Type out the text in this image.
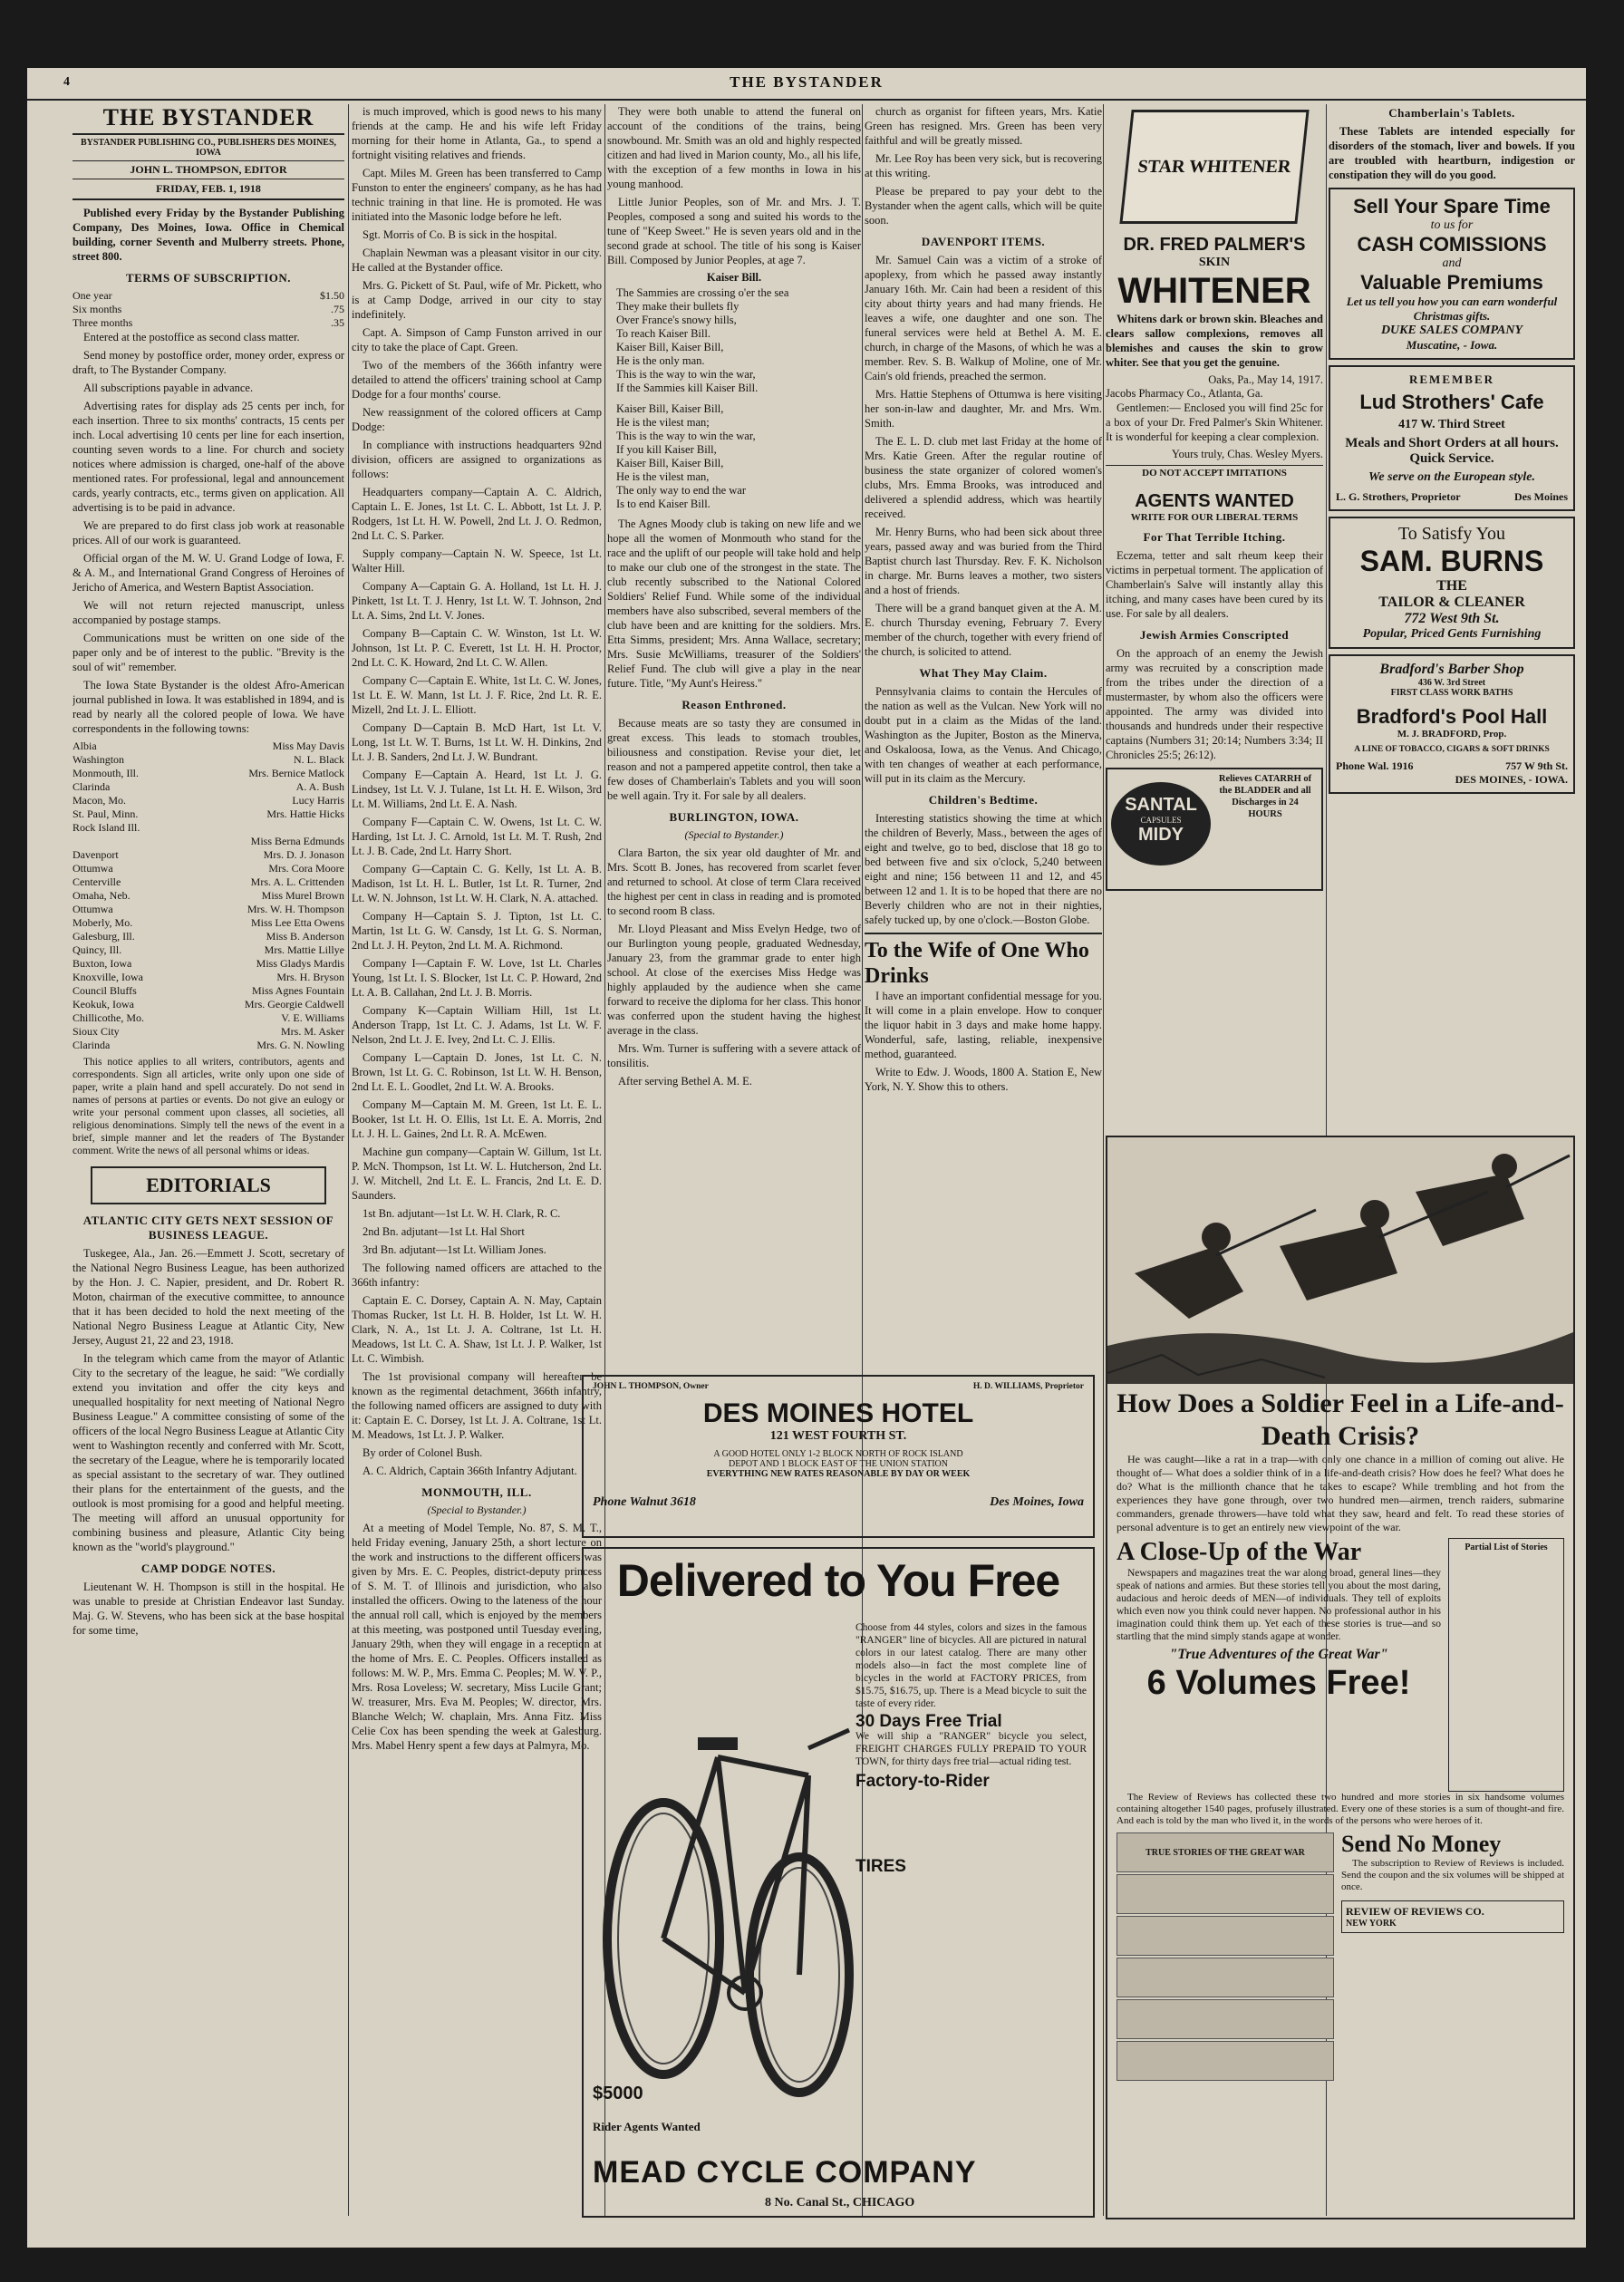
4	THE BYSTANDER
THE BYSTANDER
BYSTANDER PUBLISHING CO., PUBLISHERS DES MOINES, IOWA
JOHN L. THOMPSON, EDITOR
FRIDAY, FEB. 1, 1918

Published every Friday by the Bystander Publishing Company, Des Moines, Iowa. Office in Chemical building, corner Seventh and Mulberry streets. Phone, street 800.

TERMS OF SUBSCRIPTION.
One year	$1.50
Six months	.75
Three months	.35

Entered at the postoffice as second class matter.

Send money by postoffice order, money order, express or draft, to The Bystander Company.

All subscriptions payable in advance.

Advertising rates for display ads 25 cents per inch, for each insertion. Three to six months' contracts, 15 cents per inch. Local advertising 10 cents per line for each insertion, counting seven words to a line. For church and society notices where admission is charged, one-half of the above mentioned rates. For professional, legal and announcement cards, yearly contracts, etc., terms given on application. All advertising is to be paid in advance.

We are prepared to do first class job work at reasonable prices. All of our work is guaranteed.

Official organ of the M. W. U. Grand Lodge of Iowa, F. & A. M., and International Grand Congress of Heroines of Jericho of America, and Western Baptist Association.

We will not return rejected manuscript, unless accompanied by postage stamps.

Communications must be written on one side of the paper only and be of interest to the public. "Brevity is the soul of wit" remember.

The Iowa State Bystander is the oldest Afro-American journal published in Iowa. It was established in 1894, and is read by nearly all the colored people of Iowa. We have correspondents in the following towns:

Albia	Miss May Davis
Washington	N. L. Black
Monmouth, Ill.	Mrs. Bernice Matlock
Clarinda	A. A. Bush
Macon, Mo.	Lucy Harris
St. Paul, Minn.	Mrs. Hattie Hicks
Rock Island Ill.
Miss Berna Edmunds
Davenport	Mrs. D. J. Jonason
Ottumwa	Mrs. Cora Moore
Centerville	Mrs. A. L. Crittenden
Omaha, Neb.	Miss Murel Brown
Ottumwa	Mrs. W. H. Thompson
Moberly, Mo.	Miss Lee Etta Owens
Galesburg, Ill.	Miss B. Anderson
Quincy, Ill.	Mrs. Mattie Lillye
Buxton, Iowa	Miss Gladys Mardis
Knoxville, Iowa	Mrs. H. Bryson
Council Bluffs	Miss Agnes Fountain
Keokuk, Iowa	Mrs. Georgie Caldwell
Chillicothe, Mo.	V. E. Williams
Sioux City	Mrs. M. Asker
Clarinda	Mrs. G. N. Nowling

This notice applies to all writers, contributors, agents and correspondents. Sign all articles, write only upon one side of paper, write a plain hand and spell accurately. Do not send in names of persons at parties or events. Do not give an eulogy or write your personal comment upon classes, all societies, all religious denominations. Simply tell the news of the event in a brief, simple manner and let the readers of The Bystander comment. Write the news of all personal whims or ideas.

EDITORIALS
ATLANTIC CITY GETS NEXT SESSION OF BUSINESS LEAGUE.

Tuskegee, Ala., Jan. 26.—Emmett J. Scott, secretary of the National Negro Business League, has been authorized by the Hon. J. C. Napier, president, and Dr. Robert R. Moton, chairman of the executive committee, to announce that it has been decided to hold the next meeting of the National Negro Business League at Atlantic City, New Jersey, August 21, 22 and 23, 1918.

In the telegram which came from the mayor of Atlantic City to the secretary of the league, he said: "We cordially extend you invitation and offer the city keys and unequalled hospitality for next meeting of National Negro Business League." A committee consisting of some of the officers of the local Negro Business League at Atlantic City went to Washington recently and conferred with Mr. Scott, the secretary of the League, where he is temporarily located as special assistant to the secretary of war. They outlined their plans for the entertainment of the guests, and the outlook is most promising for a good and helpful meeting. The meeting will afford an unusual opportunity for combining business and pleasure, Atlantic City being known as the "world's playground."

CAMP DODGE NOTES.

Lieutenant W. H. Thompson is still in the hospital. He was unable to preside at Christian Endeavor last Sunday. Maj. G. W. Stevens, who has been sick at the base hospital for some time,

is much improved, which is good news to his many friends at the camp. He and his wife left Friday morning for their home in Atlanta, Ga., to spend a fortnight visiting relatives and friends.

Capt. Miles M. Green has been transferred to Camp Funston to enter the engineers' company, as he has had technic training in that line. He is promoted. He was initiated into the Masonic lodge before he left.

Sgt. Morris of Co. B is sick in the hospital.

Chaplain Newman was a pleasant visitor in our city. He called at the Bystander office.

Mrs. G. Pickett of St. Paul, wife of Mr. Pickett, who is at Camp Dodge, arrived in our city to stay indefinitely.

Capt. A. Simpson of Camp Funston arrived in our city to take the place of Capt. Green.

Two of the members of the 366th infantry were detailed to attend the officers' training school at Camp Dodge for a four months' course.

New reassignment of the colored officers at Camp Dodge:

In compliance with instructions headquarters 92nd division, officers are assigned to organizations as follows:

Headquarters company—Captain A. C. Aldrich, Captain L. E. Jones, 1st Lt. C. L. Abbott, 1st Lt. J. P. Rodgers, 1st Lt. H. W. Powell, 2nd Lt. J. O. Redmon, 2nd Lt. C. S. Parker.

Supply company—Captain N. W. Speece, 1st Lt. Walter Hill.

Company A—Captain G. A. Holland, 1st Lt. H. J. Pinkett, 1st Lt. T. J. Henry, 1st Lt. W. T. Johnson, 2nd Lt. A. Sims, 2nd Lt. V. Jones.

Company B—Captain C. W. Winston, 1st Lt. W. Johnson, 1st Lt. P. C. Everett, 1st Lt. H. H. Proctor, 2nd Lt. C. K. Howard, 2nd Lt. C. W. Allen.

Company C—Captain E. White, 1st Lt. C. W. Jones, 1st Lt. E. W. Mann, 1st Lt. J. F. Rice, 2nd Lt. R. E. Mizell, 2nd Lt. J. L. Elliott.

Company D—Captain B. McD Hart, 1st Lt. V. Long, 1st Lt. W. T. Burns, 1st Lt. W. H. Dinkins, 2nd Lt. J. B. Sanders, 2nd Lt. J. W. Bundrant.

Company E—Captain A. Heard, 1st Lt. J. G. Lindsey, 1st Lt. V. J. Tulane, 1st Lt. H. E. Wilson, 3rd Lt. M. Williams, 2nd Lt. E. A. Nash.

Company F—Captain C. W. Owens, 1st Lt. C. W. Harding, 1st Lt. J. C. Arnold, 1st Lt. M. T. Rush, 2nd Lt. J. B. Cade, 2nd Lt. Harry Short.

Company G—Captain C. G. Kelly, 1st Lt. A. B. Madison, 1st Lt. H. L. Butler, 1st Lt. R. Turner, 2nd Lt. W. N. Johnson, 1st Lt. W. H. Clark, N. A. attached.

Company H—Captain S. J. Tipton, 1st Lt. C. Martin, 1st Lt. G. W. Cansdy, 1st Lt. G. S. Norman, 2nd Lt. J. H. Peyton, 2nd Lt. M. A. Richmond.

Company I—Captain F. W. Love, 1st Lt. Charles Young, 1st Lt. I. S. Blocker, 1st Lt. C. P. Howard, 2nd Lt. A. B. Callahan, 2nd Lt. J. B. Morris.

Company K—Captain William Hill, 1st Lt. Anderson Trapp, 1st Lt. C. J. Adams, 1st Lt. W. F. Nelson, 2nd Lt. J. E. Ivey, 2nd Lt. C. J. Ellis.

Company L—Captain D. Jones, 1st Lt. C. N. Brown, 1st Lt. G. C. Robinson, 1st Lt. W. H. Benson, 2nd Lt. E. L. Goodlet, 2nd Lt. W. A. Brooks.

Company M—Captain M. M. Green, 1st Lt. E. L. Booker, 1st Lt. H. O. Ellis, 1st Lt. E. A. Morris, 2nd Lt. J. H. L. Gaines, 2nd Lt. R. A. McEwen.

Machine gun company—Captain W. Gillum, 1st Lt. P. McN. Thompson, 1st Lt. W. L. Hutcherson, 2nd Lt. J. W. Mitchell, 2nd Lt. E. L. Francis, 2nd Lt. E. D. Saunders.

1st Bn. adjutant—1st Lt. W. H. Clark, R. C.

2nd Bn. adjutant—1st Lt. Hal Short

3rd Bn. adjutant—1st Lt. William Jones.

The following named officers are attached to the 366th infantry:

Captain E. C. Dorsey, Captain A. N. May, Captain Thomas Rucker, 1st Lt. H. B. Holder, 1st Lt. W. H. Clark, N. A., 1st Lt. J. A. Coltrane, 1st Lt. H. Meadows, 1st Lt. C. A. Shaw, 1st Lt. J. P. Walker, 1st Lt. C. Wimbish.

The 1st provisional company will hereafter be known as the regimental detachment, 366th infantry, the following named officers are assigned to duty with it: Captain E. C. Dorsey, 1st Lt. J. A. Coltrane, 1st Lt. M. Meadows, 1st Lt. J. P. Walker.

By order of Colonel Bush.

A. C. Aldrich, Captain 366th Infantry Adjutant.

MONMOUTH, ILL.
(Special to Bystander.)

At a meeting of Model Temple, No. 87, S. M. T., held Friday evening, January 25th, a short lecture on the work and instructions to the different officers was given by Mrs. E. C. Peoples, district-deputy princess of S. M. T. of Illinois and jurisdiction, who also installed the officers. Owing to the lateness of the hour the annual roll call, which is enjoyed by the members at this meeting, was postponed until Tuesday evening, January 29th, when they will engage in a reception at the home of Mrs. E. C. Peoples. Officers installed as follows: M. W. P., Mrs. Emma C. Peoples; M. W. V. P., Mrs. Rosa Loveless; W. secretary, Miss Lucile Grant; W. treasurer, Mrs. Eva M. Peoples; W. director, Mrs. Blanche Welch; W. chaplain, Mrs. Anna Fitz. Miss Celie Cox has been spending the week at Galesburg. Mrs. Mabel Henry spent a few days at Palmyra, Mo.

They were both unable to attend the funeral on account of the conditions of the trains, being snowbound. Mr. Smith was an old and highly respected citizen and had lived in Marion county, Mo., all his life, with the exception of a few months in Iowa in his young manhood.

Little Junior Peoples, son of Mr. and Mrs. J. T. Peoples, composed a song and suited his words to the tune of "Keep Sweet." He is seven years old and in the second grade at school. The title of his song is Kaiser Bill. Composed by Junior Peoples, at age 7.

Kaiser Bill.
The Sammies are crossing o'er the sea
They make their bullets fly
Over France's snowy hills,
To reach Kaiser Bill.
Kaiser Bill, Kaiser Bill,
He is the only man.
This is the way to win the war,
If the Sammies kill Kaiser Bill.
Kaiser Bill, Kaiser Bill,
He is the vilest man;
This is the way to win the war,
If you kill Kaiser Bill,
Kaiser Bill, Kaiser Bill,
He is the vilest man,
The only way to end the war
Is to end Kaiser Bill.

The Agnes Moody club is taking on new life and we hope all the women of Monmouth who stand for the race and the uplift of our people will take hold and help to make our club one of the strongest in the state. The club recently subscribed to the National Colored Soldiers' Relief Fund. While some of the individual members have also subscribed, several members of the club have been and are knitting for the soldiers. Mrs. Etta Simms, president; Mrs. Anna Wallace, secretary; Mrs. Susie McWilliams, treasurer of the Soldiers' Relief Fund. The club will give a play in the near future. Title, "My Aunt's Heiress."

Reason Enthroned.

Because meats are so tasty they are consumed in great excess. This leads to stomach troubles, biliousness and constipation. Revise your diet, let reason and not a pampered appetite control, then take a few doses of Chamberlain's Tablets and you will soon be well again. Try it. For sale by all dealers.

BURLINGTON, IOWA.
(Special to Bystander.)

Clara Barton, the six year old daughter of Mr. and Mrs. Scott B. Jones, has recovered from scarlet fever and returned to school. At close of term Clara received the highest per cent in class in reading and is promoted to second room B class.

Mr. Lloyd Pleasant and Miss Evelyn Hedge, two of our Burlington young people, graduated Wednesday, January 23, from the grammar grade to enter high school. At close of the exercises Miss Hedge was highly applauded by the audience when she came forward to receive the diploma for her class. This honor was conferred upon the student having the highest average in the class.

Mrs. Wm. Turner is suffering with a severe attack of tonsilitis.

After serving Bethel A. M. E.

church as organist for fifteen years, Mrs. Katie Green has resigned. Mrs. Green has been very faithful and will be greatly missed.

Mr. Lee Roy has been very sick, but is recovering at this writing.

Please be prepared to pay your debt to the Bystander when the agent calls, which will be quite soon.

DAVENPORT ITEMS.

Mr. Samuel Cain was a victim of a stroke of apoplexy, from which he passed away instantly January 16th. Mr. Cain had been a resident of this city about thirty years and had many friends. He leaves a wife, one daughter and one son. The funeral services were held at Bethel A. M. E. church, in charge of the Masons, of which he was a member. Rev. S. B. Walkup of Moline, one of Mr. Cain's old friends, preached the sermon.

Mrs. Hattie Stephens of Ottumwa is here visiting her son-in-law and daughter, Mr. and Mrs. Wm. Smith.

The E. L. D. club met last Friday at the home of Mrs. Katie Green. After the regular routine of business the state organizer of colored women's clubs, Mrs. Emma Brooks, was introduced and delivered a splendid address, which was heartily received.

Mr. Henry Burns, who had been sick about three years, passed away and was buried from the Third Baptist church last Thursday. Rev. F. K. Nicholson in charge. Mr. Burns leaves a mother, two sisters and a host of friends.

There will be a grand banquet given at the A. M. E. church Thursday evening, February 7. Every member of the church, together with every friend of the church, is solicited to attend.

What They May Claim.

Pennsylvania claims to contain the Hercules of the nation as well as the Vulcan. New York will no doubt put in a claim as the Midas of the land. Washington as the Jupiter, Boston as the Minerva, and Oskaloosa, Iowa, as the Venus. And Chicago, with ten changes of weather at each performance, will put in its claim as the Mercury.

Children's Bedtime.

Interesting statistics showing the time at which the children of Beverly, Mass., between the ages of eight and twelve, go to bed, disclose that 18 go to bed between five and six o'clock, 5,240 between eight and nine; 156 between 11 and 12, and 45 between 12 and 1. It is to be hoped that there are no Beverly children who are not in their nighties, safely tucked up, by one o'clock.—Boston Globe.

To the Wife of One Who Drinks

I have an important confidential message for you. It will come in a plain envelope. How to conquer the liquor habit in 3 days and make home happy. Wonderful, safe, lasting, reliable, inexpensive method, guaranteed.

Write to Edw. J. Woods, 1800 A. Station E, New York, N. Y. Show this to others.

JOHN L. THOMPSON, Owner	H. D. WILLIAMS, Proprietor
DES MOINES HOTEL
121 WEST FOURTH ST.
A GOOD HOTEL ONLY 1-2 BLOCK NORTH OF ROCK ISLAND
DEPOT AND 1 BLOCK EAST OF THE UNION STATION
EVERYTHING NEW RATES REASONABLE BY DAY OR WEEK
Phone Walnut 3618	Des Moines, Iowa
Delivered to You Free

Choose from 44 styles, colors and sizes in the famous "RANGER" line of bicycles. All are pictured in natural colors in our latest catalog. There are many other models also—in fact the most complete line of bicycles in the world at FACTORY PRICES, from $15.75, $16.75, up. There is a Mead bicycle to suit the taste of every rider.

30 Days Free Trial

We will ship a "RANGER" bicycle you select, FREIGHT CHARGES FULLY PREPAID TO YOUR TOWN, for thirty days free trial—actual riding test.

Factory-to-Rider
TIRES
$5000
Rider Agents Wanted
MEAD CYCLE COMPANY
8 No. Canal St., CHICAGO
STAR WHITENER
DR. FRED PALMER'S
SKIN
WHITENER

Whitens dark or brown skin. Bleaches and clears sallow complexions, removes all blemishes and causes the skin to grow whiter. See that you get the genuine.

Oaks, Pa., May 14, 1917.
Jacobs Pharmacy Co., Atlanta, Ga.

Gentlemen:— Enclosed you will find 25c for a box of your Dr. Fred Palmer's Skin Whitener. It is wonderful for keeping a clear complexion.

Yours truly, Chas. Wesley Myers.
DO NOT ACCEPT IMITATIONS
AGENTS WANTED
WRITE FOR OUR LIBERAL TERMS
For That Terrible Itching.

Eczema, tetter and salt rheum keep their victims in perpetual torment. The application of Chamberlain's Salve will instantly allay this itching, and many cases have been cured by its use. For sale by all dealers.

Jewish Armies Conscripted

On the approach of an enemy the Jewish army was recruited by a conscription made from the tribes under the direction of a mustermaster, by whom also the officers were appointed. The army was divided into thousands and hundreds under their respective captains (Numbers 31; 20:14; Numbers 3:34; II Chronicles 25:5; 26:12).

Relieves CATARRH of the BLADDER and all Discharges in 24 HOURS
SANTAL
CAPSULES
MIDY
Chamberlain's Tablets.

These Tablets are intended especially for disorders of the stomach, liver and bowels. If you are troubled with heartburn, indigestion or constipation they will do you good.

Sell Your Spare Time
to us for
CASH COMISSIONS
and
Valuable Premiums
Let us tell you how you can earn wonderful Christmas gifts.
DUKE SALES COMPANY
Muscatine, - Iowa.
REMEMBER
Lud Strothers' Cafe
417 W. Third Street
Meals and Short Orders at all hours. Quick Service.
We serve on the European style.
L. G. Strothers, Proprietor	Des Moines
To Satisfy You
SAM. BURNS
THE
TAILOR & CLEANER
772 West 9th St.
Popular, Priced Gents Furnishing
Bradford's Barber Shop
436 W. 3rd Street
FIRST CLASS WORK BATHS
Bradford's Pool Hall
M. J. BRADFORD, Prop.
A LINE OF TOBACCO, CIGARS & SOFT DRINKS
Phone Wal. 1916	757 W 9th St.
DES MOINES, - IOWA.
How Does a Soldier Feel in a Life-and-Death Crisis?

He was caught—like a rat in a trap—with only one chance in a million of coming out alive. He thought of— What does a soldier think of in a life-and-death crisis? How does he feel? What does he do? What is the millionth chance that he takes to escape? While trembling and hot from the experiences they have gone through, over two hundred men—airmen, trench raiders, submarine commanders, grenade throwers—have told what they saw, heard and felt. To read these stories of personal adventure is to get an entirely new viewpoint of the war.

A Close-Up of the War

Newspapers and magazines treat the war along broad, general lines—they speak of nations and armies. But these stories tell you about the most daring, audacious and heroic deeds of MEN—of individuals. They tell of exploits which even now you think could never happen. No professional author in his imagination could think them up. Yet each of these stories is true—and so startling that the mind simply stands agape at wonder.

"True Adventures of the Great War"
6 Volumes Free!
Partial List of Stories

The Review of Reviews has collected these two hundred and more stories in six handsome volumes containing altogether 1540 pages, profusely illustrated. Every one of these stories is a sum of thought-and fire. And each is told by the man who lived it, in the words of the persons who were heroes of it.

TRUE STORIES OF THE GREAT WAR	Send No Money

The subscription to Review of Reviews is included. Send the coupon and the six volumes will be shipped at once.

REVIEW OF REVIEWS CO.
NEW YORK
